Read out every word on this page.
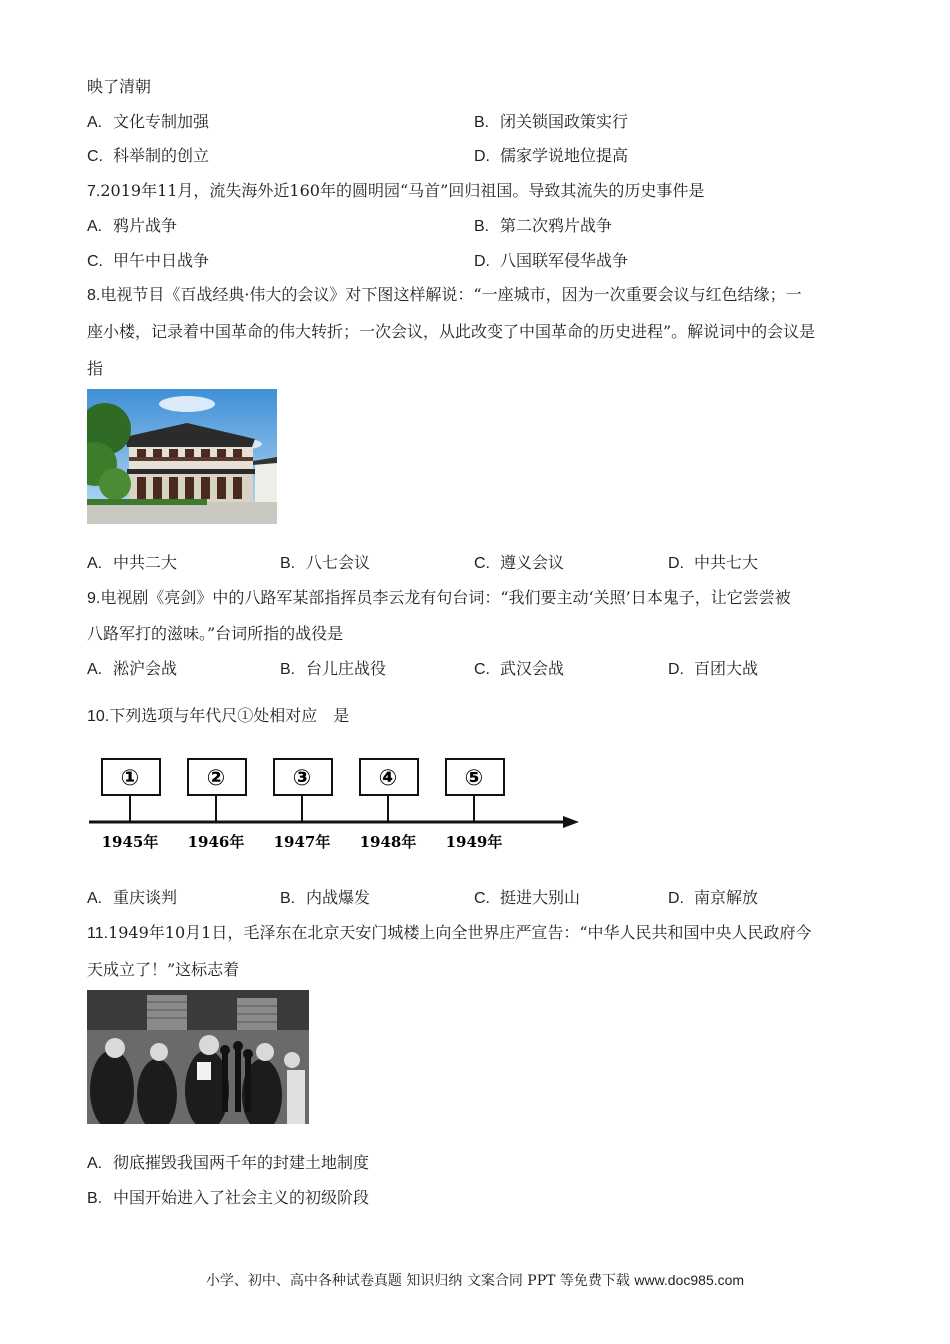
映了清朝
A. 文化专制加强	B. 闭关锁国政策实行
C. 科举制的创立	D. 儒家学说地位提高
7.2019年11月，流失海外近160年的圆明园“马首”回归祖国。导致其流失的历史事件是
A. 鸦片战争	B. 第二次鸦片战争
C. 甲午中日战争	D. 八国联军侵华战争
8.电视节目《百战经典·伟大的会议》对下图这样解说：“一座城市，因为一次重要会议与红色结缘；一
座小楼，记录着中国革命的伟大转折；一次会议，从此改变了中国革命的历史进程”。解说词中的会议是
指
A. 中共二大	B. 八七会议	C. 遵义会议	D. 中共七大
9.电视剧《亮剑》中的八路军某部指挥员李云龙有句台词：“我们要主动‘关照’日本鬼子，让它尝尝被
八路军打的滋味。”台词所指的战役是
A. 淞沪会战	B. 台儿庄战役	C. 武汉会战	D. 百团大战
10.下列选项与年代尺①处相对应　是
①
1945年
②
1946年
③
1947年
④
1948年
⑤
1949年
A. 重庆谈判	B. 内战爆发	C. 挺进大别山	D. 南京解放
11.1949年10月1日，毛泽东在北京天安门城楼上向全世界庄严宣告：“中华人民共和国中央人民政府今
天成立了！”这标志着
A. 彻底摧毁我国两千年的封建土地制度
B. 中国开始进入了社会主义的初级阶段
小学、初中、高中各种试卷真题 知识归纳 文案合同 PPT 等免费下载 www.doc985.com
